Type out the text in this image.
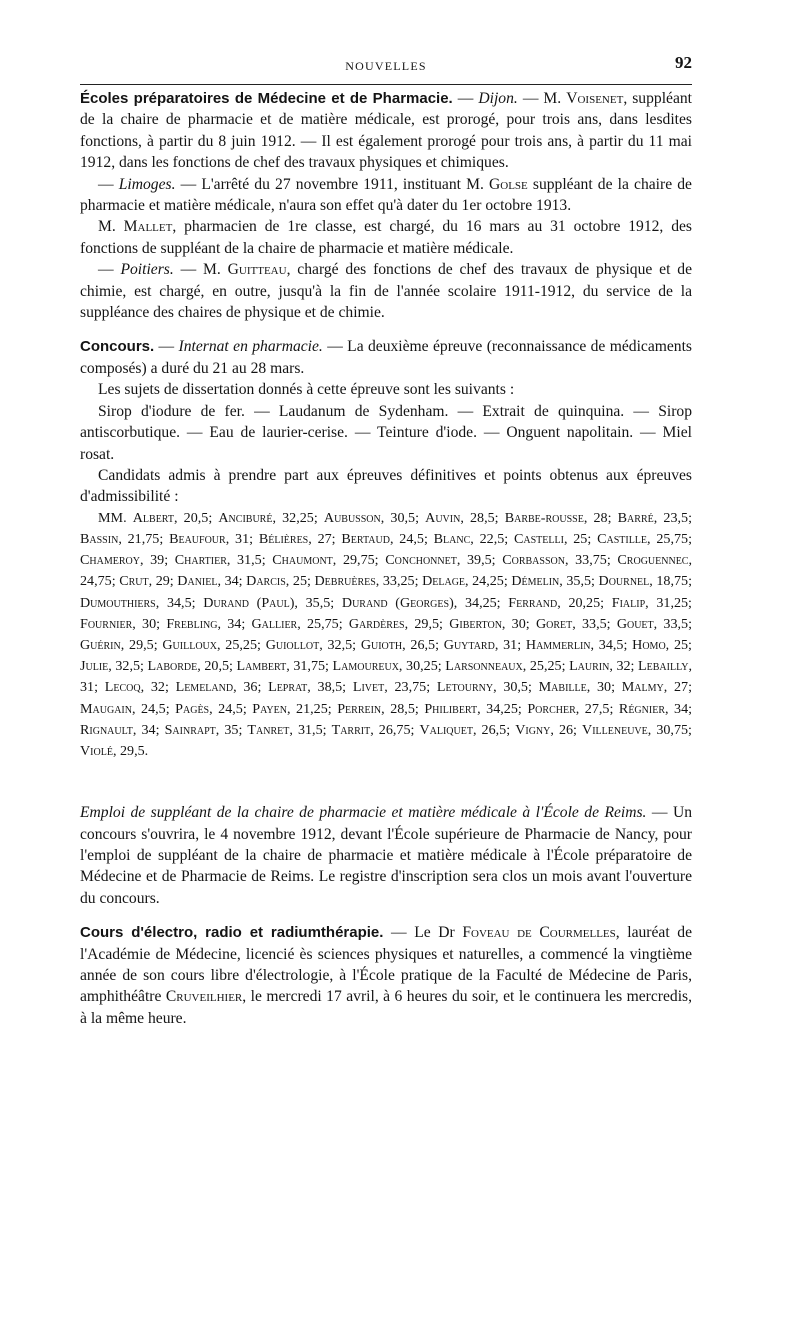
NOUVELLES	92

Écoles préparatoires de Médecine et de Pharmacie. — Dijon. — M. Voisenet, suppléant de la chaire de pharmacie et de matière médicale, est prorogé, pour trois ans, dans lesdites fonctions, à partir du 8 juin 1912. — Il est également prorogé pour trois ans, à partir du 11 mai 1912, dans les fonctions de chef des travaux physiques et chimiques.

— Limoges. — L'arrêté du 27 novembre 1911, instituant M. Golse suppléant de la chaire de pharmacie et matière médicale, n'aura son effet qu'à dater du 1er octobre 1913.

M. Mallet, pharmacien de 1re classe, est chargé, du 16 mars au 31 octobre 1912, des fonctions de suppléant de la chaire de pharmacie et matière médicale.

— Poitiers. — M. Guitteau, chargé des fonctions de chef des travaux de physique et de chimie, est chargé, en outre, jusqu'à la fin de l'année scolaire 1911-1912, du service de la suppléance des chaires de physique et de chimie.

Concours. — Internat en pharmacie. — La deuxième épreuve (reconnaissance de médicaments composés) a duré du 21 au 28 mars.

Les sujets de dissertation donnés à cette épreuve sont les suivants :

Sirop d'iodure de fer. — Laudanum de Sydenham. — Extrait de quinquina. — Sirop antiscorbutique. — Eau de laurier-cerise. — Teinture d'iode. — Onguent napolitain. — Miel rosat.

Candidats admis à prendre part aux épreuves définitives et points obtenus aux épreuves d'admissibilité :

MM. Albert, 20,5; Anciburé, 32,25; Aubusson, 30,5; Auvin, 28,5; Barbe-rousse, 28; Barré, 23,5; Bassin, 21,75; Beaufour, 31; Bélières, 27; Bertaud, 24,5; Blanc, 22,5; Castelli, 25; Castille, 25,75; Chameroy, 39; Chartier, 31,5; Chaumont, 29,75; Conchonnet, 39,5; Corbasson, 33,75; Croguennec, 24,75; Crut, 29; Daniel, 34; Darcis, 25; Debruères, 33,25; Delage, 24,25; Démelin, 35,5; Dournel, 18,75; Dumouthiers, 34,5; Durand (Paul), 35,5; Durand (Georges), 34,25; Ferrand, 20,25; Fialip, 31,25; Fournier, 30; Frebling, 34; Gallier, 25,75; Gardères, 29,5; Giberton, 30; Goret, 33,5; Gouet, 33,5; Guérin, 29,5; Guilloux, 25,25; Guiollot, 32,5; Guioth, 26,5; Guytard, 31; Hammerlin, 34,5; Homo, 25; Julie, 32,5; Laborde, 20,5; Lambert, 31,75; Lamoureux, 30,25; Larsonneaux, 25,25; Laurin, 32; Lebailly, 31; Lecoq, 32; Lemeland, 36; Leprat, 38,5; Livet, 23,75; Letourny, 30,5; Mabille, 30; Malmy, 27; Maugain, 24,5; Pagès, 24,5; Payen, 21,25; Perrein, 28,5; Philibert, 34,25; Porcher, 27,5; Régnier, 34; Rignault, 34; Sainrapt, 35; Tanret, 31,5; Tarrit, 26,75; Valiquet, 26,5; Vigny, 26; Villeneuve, 30,75; Violé, 29,5.

Emploi de suppléant de la chaire de pharmacie et matière médicale à l'École de Reims. — Un concours s'ouvrira, le 4 novembre 1912, devant l'École supérieure de Pharmacie de Nancy, pour l'emploi de suppléant de la chaire de pharmacie et matière médicale à l'École préparatoire de Médecine et de Pharmacie de Reims. Le registre d'inscription sera clos un mois avant l'ouverture du concours.

Cours d'électro, radio et radiumthérapie. — Le Dr Foveau de Courmelles, lauréat de l'Académie de Médecine, licencié ès sciences physiques et naturelles, a commencé la vingtième année de son cours libre d'électrologie, à l'École pratique de la Faculté de Médecine de Paris, amphithéâtre Cruveilhier, le mercredi 17 avril, à 6 heures du soir, et le continuera les mercredis, à la même heure.
